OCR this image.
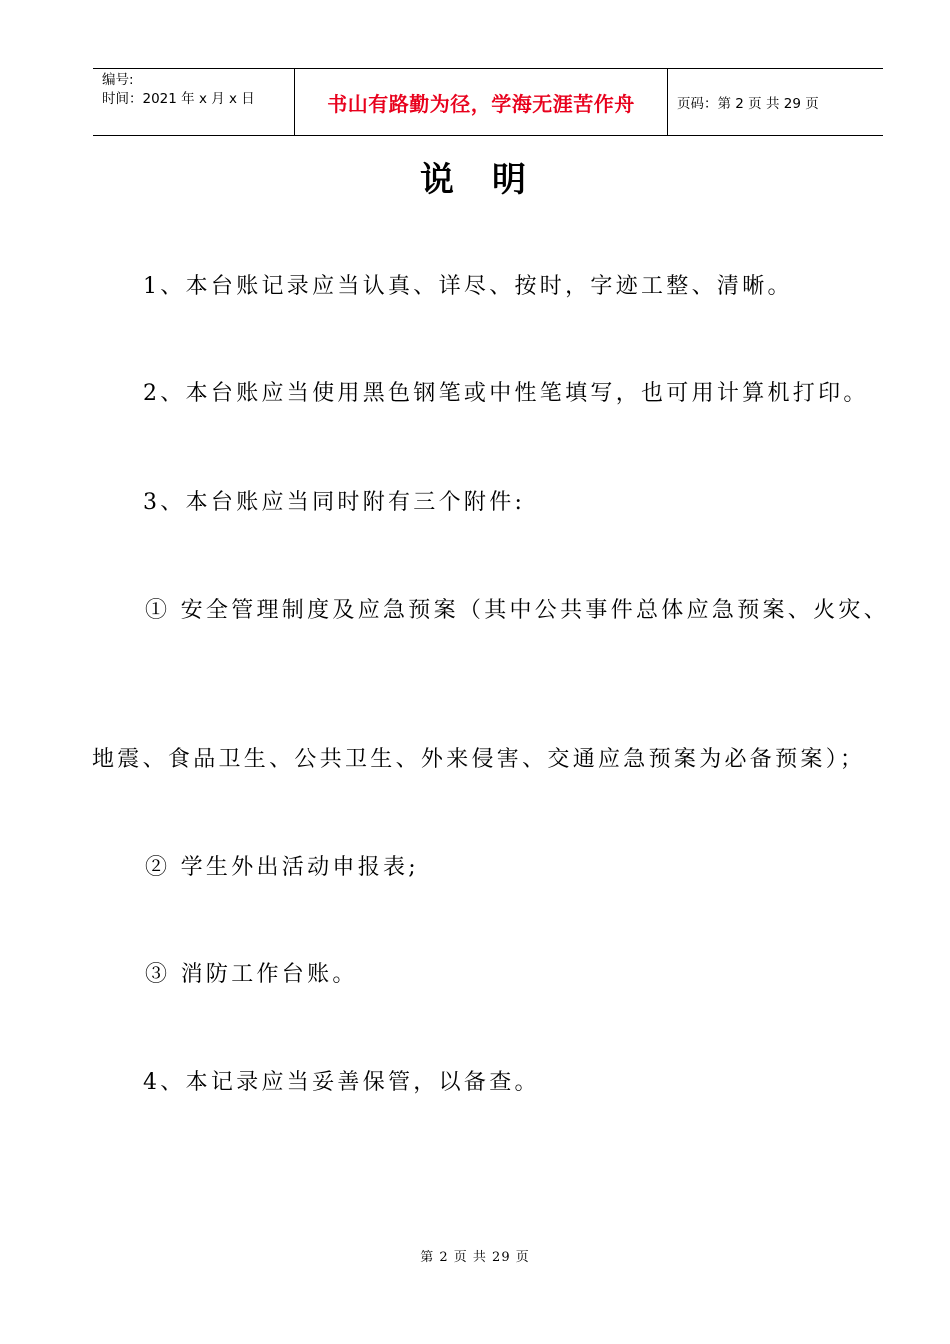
编号:
时间：2021 年 x 月 x 日	书山有路勤为径，学海无涯苦作舟	页码：第 2 页 共 29 页
说明
1、本台账记录应当认真、详尽、按时，字迹工整、清晰。
2、本台账应当使用黑色钢笔或中性笔填写，也可用计算机打印。
3、本台账应当同时附有三个附件:
① 安全管理制度及应急预案（其中公共事件总体应急预案、火灾、
地震、食品卫生、公共卫生、外来侵害、交通应急预案为必备预案）；
② 学生外出活动申报表;
③ 消防工作台账。
4、本记录应当妥善保管，以备查。
第 2 页 共 29 页
